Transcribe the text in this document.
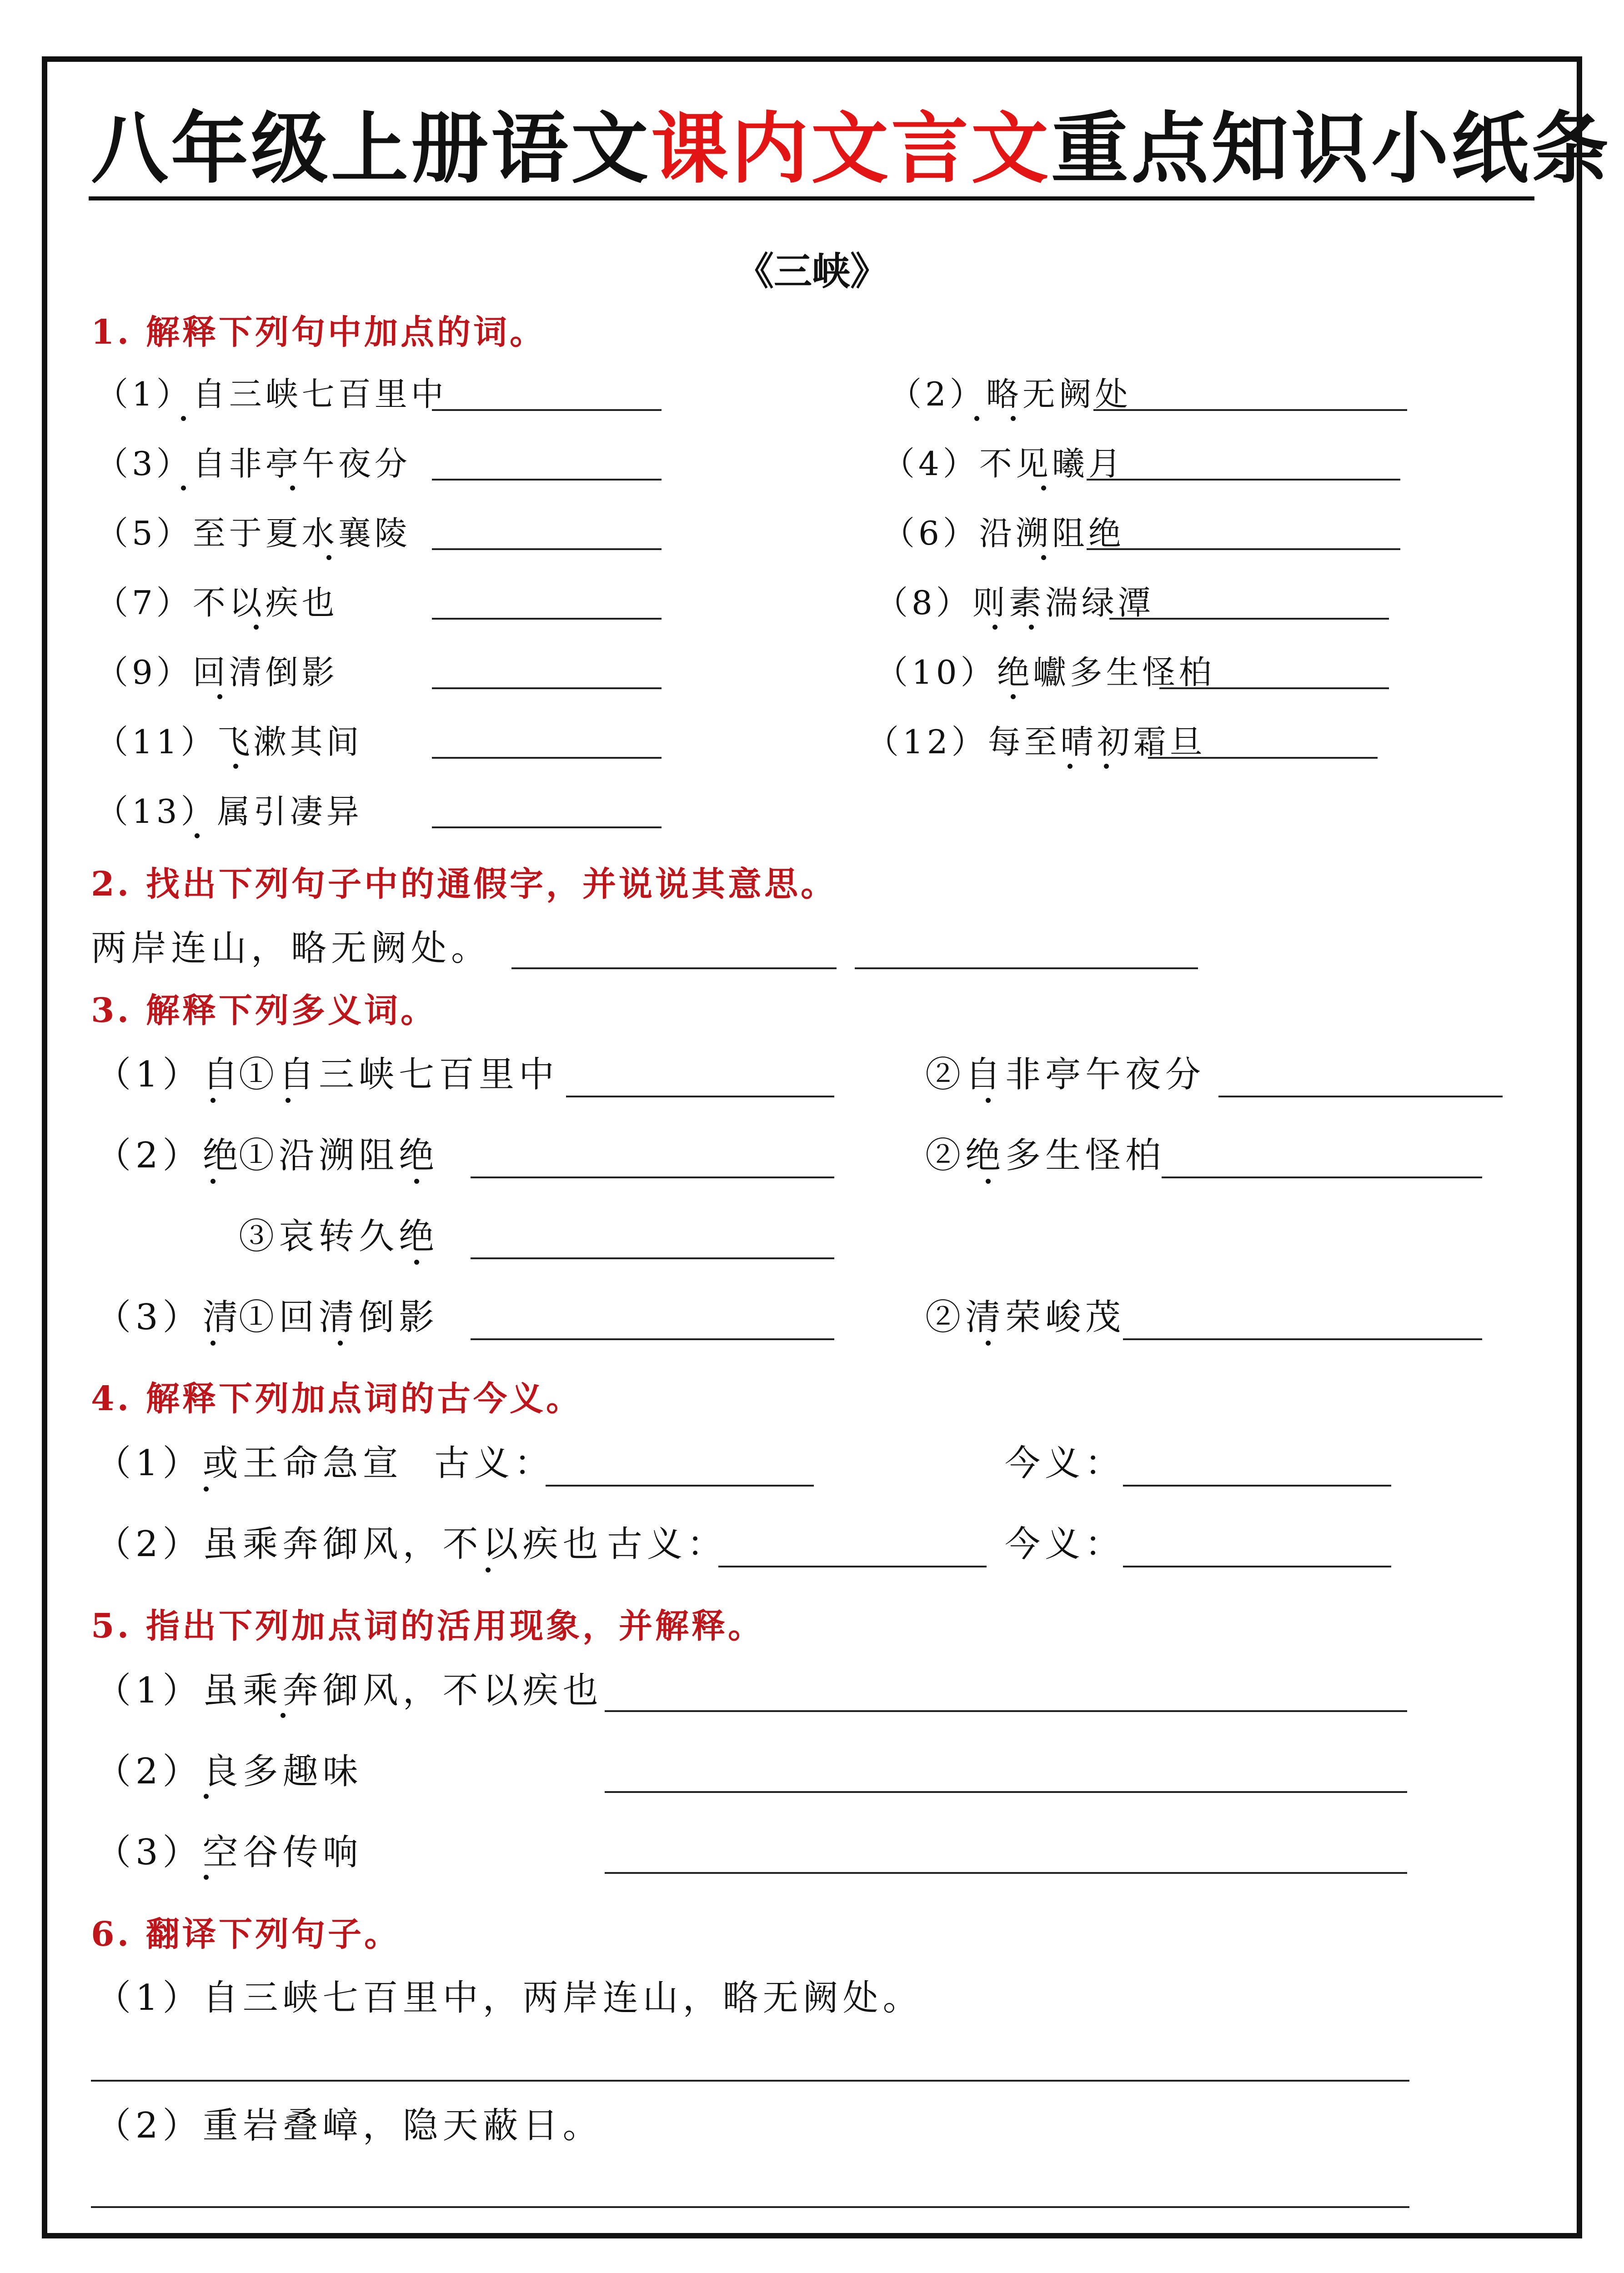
八年级上册语文课内文言文重点知识小纸条
《三峡》
1. 解释下列句中加点的词。
（1）自三峡七百里中	（2）略无阙处
（3）自非亭午夜分	（4）不见曦月
（5）至于夏水襄陵	（6）沿溯阻绝
（7）不以疾也	（8）则素湍绿潭
（9）回清倒影	（10）绝巘多生怪柏
（11）飞漱其间	（12）每至晴初霜旦
（13）属引凄异
2. 找出下列句子中的通假字，并说说其意思。
两岸连山，略无阙处。
3. 解释下列多义词。
（1）自
①自三峡七百里中	②自非亭午夜分
（2）绝
①沿溯阻绝	②绝多生怪柏
③哀转久绝
（3）清
①回清倒影	②清荣峻茂
4. 解释下列加点词的古今义。
（1）或王命急宣 古义：	今义：
（2）虽乘奔御风，不以疾也 古义：	今义：
5. 指出下列加点词的活用现象，并解释。
（1）虽乘奔御风，不以疾也
（2）良多趣味
（3）空谷传响
6. 翻译下列句子。
（1）自三峡七百里中，两岸连山，略无阙处。
（2）重岩叠嶂，隐天蔽日。
